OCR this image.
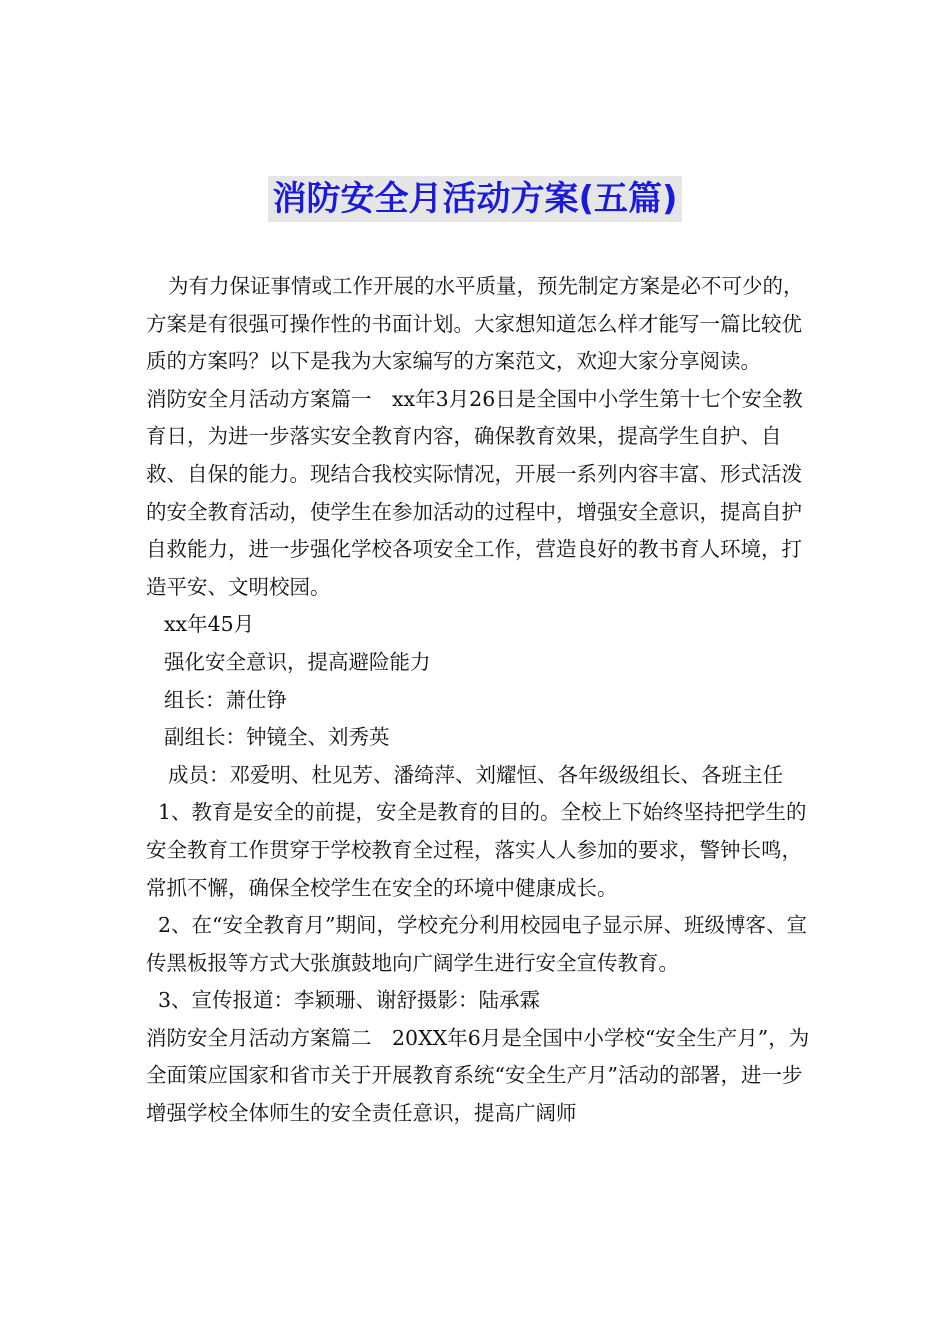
消防安全月活动方案(五篇)

为有力保证事情或工作开展的水平质量，预先制定方案是必不可少的，方案是有很强可操作性的书面计划。大家想知道怎么样才能写一篇比较优质的方案吗？以下是我为大家编写的方案范文，欢迎大家分享阅读。

消防安全月活动方案篇一　xx年3月26日是全国中小学生第十七个安全教育日，为进一步落实安全教育内容，确保教育效果，提高学生自护、自救、自保的能力。现结合我校实际情况，开展一系列内容丰富、形式活泼的安全教育活动，使学生在参加活动的过程中，增强安全意识，提高自护自救能力，进一步强化学校各项安全工作，营造良好的教书育人环境，打造平安、文明校园。

xx年45月

强化安全意识，提高避险能力

组长：萧仕铮

副组长：钟镜全、刘秀英

成员：邓爱明、杜见芳、潘绮萍、刘耀恒、各年级级组长、各班主任

1、教育是安全的前提，安全是教育的目的。全校上下始终坚持把学生的安全教育工作贯穿于学校教育全过程，落实人人参加的要求，警钟长鸣，常抓不懈，确保全校学生在安全的环境中健康成长。

2、在“安全教育月”期间，学校充分利用校园电子显示屏、班级博客、宣传黑板报等方式大张旗鼓地向广阔学生进行安全宣传教育。

3、宣传报道：李颖珊、谢舒摄影：陆承霖

消防安全月活动方案篇二　20XX年6月是全国中小学校“安全生产月”，为全面策应国家和省市关于开展教育系统“安全生产月”活动的部署，进一步增强学校全体师生的安全责任意识，提高广阔师
